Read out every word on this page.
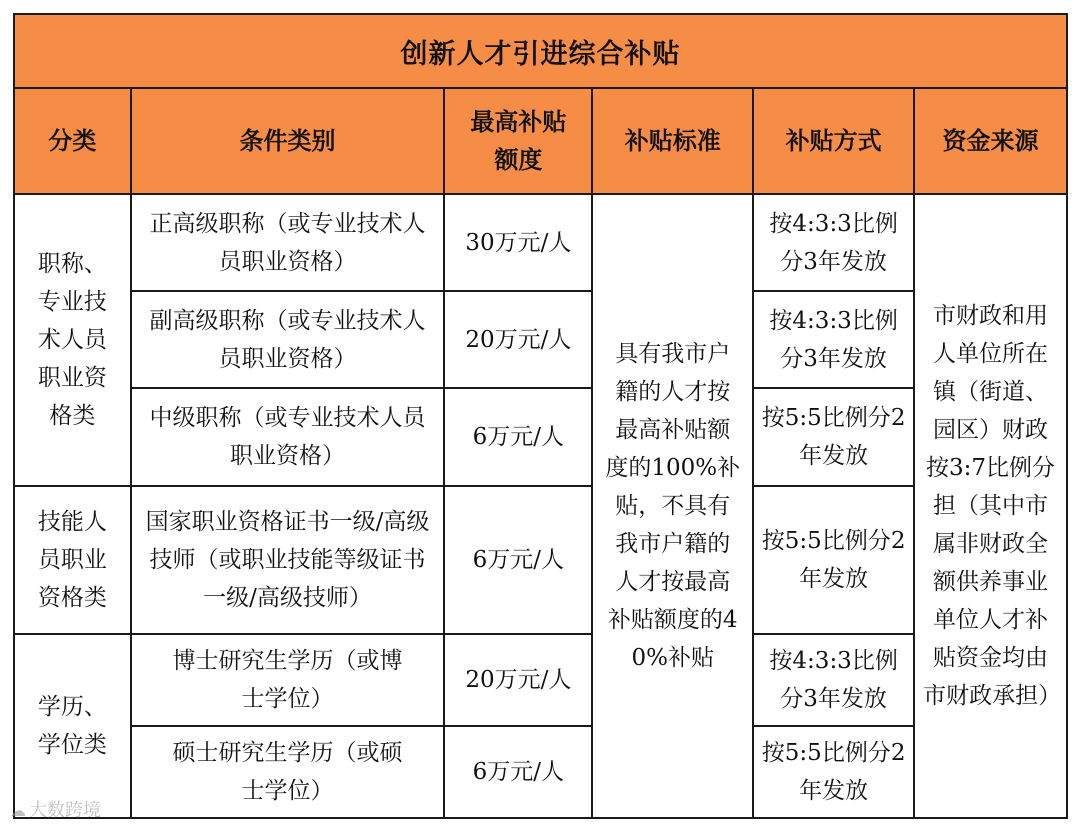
创新人才引进综合补贴					
分类	条件类别	最高补贴额度	补贴标准	补贴方式	资金来源
职称、专业技术人员职业资格类	正高级职称（或专业技术人员职业资格）	30万元/人	具有我市户籍的人才按最高补贴额度的100%补贴，不具有我市户籍的人才按最高补贴额度的40%补贴	按4:3:3比例分3年发放	市财政和用人单位所在镇（街道、园区）财政按3:7比例分担（其中市属非财政全额供养事业单位人才补贴资金均由市财政承担）
	副高级职称（或专业技术人员职业资格）	20万元/人		按4:3:3比例分3年发放	
	中级职称（或专业技术人员职业资格）	6万元/人		按5:5比例分2年发放	
技能人员职业资格类	国家职业资格证书一级/高级技师（或职业技能等级证书一级/高级技师）	6万元/人		按5:5比例分2年发放	
学历、学位类	博士研究生学历（或博士学位）	20万元/人		按4:3:3比例分3年发放	
	硕士研究生学历（或硕士学位）	6万元/人		按5:5比例分2年发放	
☁ 大数跨境
